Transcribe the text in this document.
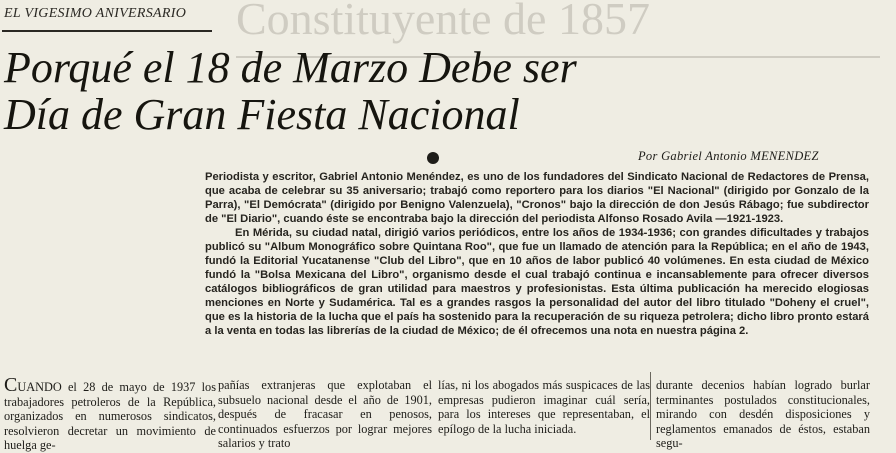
Constituyente de 1857
EL VIGESIMO ANIVERSARIO
Porqué el 18 de Marzo Debe ser
Día de Gran Fiesta Nacional
Por Gabriel Antonio MENENDEZ

Periodista y escritor, Gabriel Antonio Menéndez, es uno de los fundadores del Sindicato Nacional de Redactores de Prensa, que acaba de celebrar su 35 aniversario; trabajó como reportero para los diarios "El Nacional" (dirigido por Gonzalo de la Parra), "El Demócrata" (dirigido por Benigno Valenzuela), "Cronos" bajo la dirección de don Jesús Rábago; fue subdirector de "El Diario", cuando éste se encontraba bajo la dirección del periodista Alfonso Rosado Avila —1921-1923.

En Mérida, su ciudad natal, dirigió varios periódicos, entre los años de 1934-1936; con grandes dificultades y trabajos publicó su "Album Monográfico sobre Quintana Roo", que fue un llamado de atención para la República; en el año de 1943, fundó la Editorial Yucatanense "Club del Libro", que en 10 años de labor publicó 40 volúmenes. En esta ciudad de México fundó la "Bolsa Mexicana del Libro", organismo desde el cual trabajó continua e incansablemente para ofrecer diversos catálogos bibliográficos de gran utilidad para maestros y profesionistas. Esta última publicación ha merecido elogiosas menciones en Norte y Sudamérica. Tal es a grandes rasgos la personalidad del autor del libro titulado "Doheny el cruel", que es la historia de la lucha que el país ha sostenido para la recuperación de su riqueza petrolera; dicho libro pronto estará a la venta en todas las librerías de la ciudad de México; de él ofrecemos una nota en nuestra página 2.

CUANDO el 28 de mayo de 1937 los trabajadores petroleros de la República, organizados en numerosos sindicatos, resolvieron decretar un movimiento de huelga ge-
pañías extranjeras que explotaban el subsuelo nacional desde el año de 1901, después de fracasar en penosos, continuados esfuerzos por lograr mejores salarios y trato
lías, ni los abogados más suspicaces de las empresas pudieron imaginar cuál sería, para los intereses que representaban, el epílogo de la lucha iniciada.
durante decenios habían logrado burlar terminantes postulados constitucionales, mirando con desdén disposiciones y reglamentos emanados de éstos, estaban segu-
